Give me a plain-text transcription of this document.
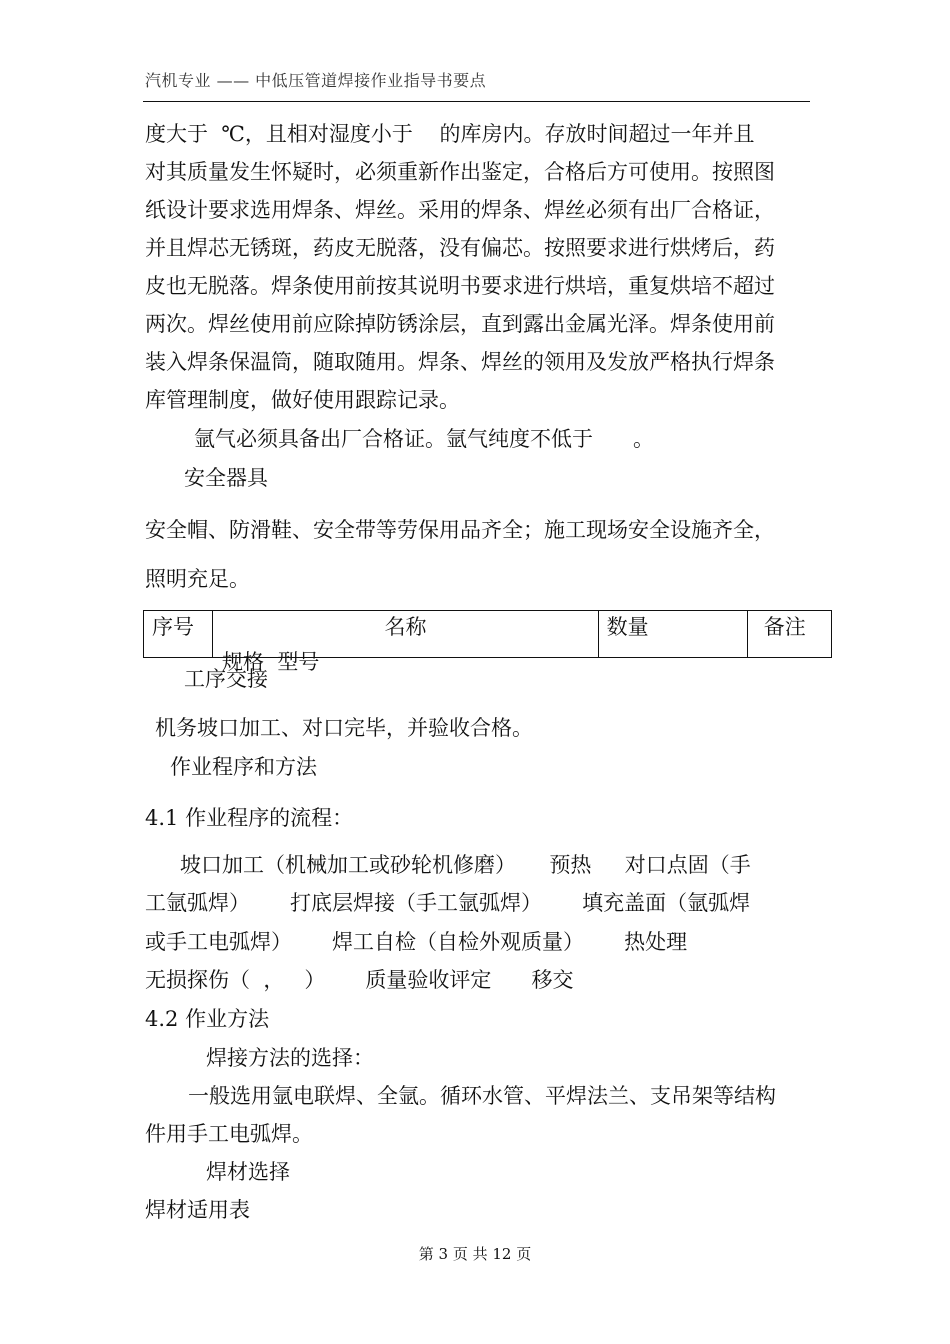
汽机专业 —— 中低压管道焊接作业指导书要点
度大于  ℃，且相对湿度小于    的库房内。存放时间超过一年并且
对其质量发生怀疑时，必须重新作出鉴定，合格后方可使用。按照图
纸设计要求选用焊条、焊丝。采用的焊条、焊丝必须有出厂合格证，
并且焊芯无锈斑，药皮无脱落，没有偏芯。按照要求进行烘烤后，药
皮也无脱落。焊条使用前按其说明书要求进行烘培，重复烘培不超过
两次。焊丝使用前应除掉防锈涂层，直到露出金属光泽。焊条使用前
装入焊条保温筒，随取随用。焊条、焊丝的领用及发放严格执行焊条
库管理制度，做好使用跟踪记录。
氩气必须具备出厂合格证。氩气纯度不低于      。
安全器具
安全帽、防滑鞋、安全带等劳保用品齐全；施工现场安全设施齐全，
照明充足。
序号	名称	数量	备注
规格  型号
工序交接
机务坡口加工、对口完毕，并验收合格。
作业程序和方法
4.1 作业程序的流程：
坡口加工（机械加工或砂轮机修磨）     预热     对口点固（手
工氩弧焊）      打底层焊接（手工氩弧焊）      填充盖面（氩弧焊
或手工电弧焊）      焊工自检（自检外观质量）      热处理
无损探伤（  ，   ）      质量验收评定      移交
4.2 作业方法
焊接方法的选择：
一般选用氩电联焊、全氩。循环水管、平焊法兰、支吊架等结构
件用手工电弧焊。
焊材选择
焊材适用表
第 3 页 共 12 页
